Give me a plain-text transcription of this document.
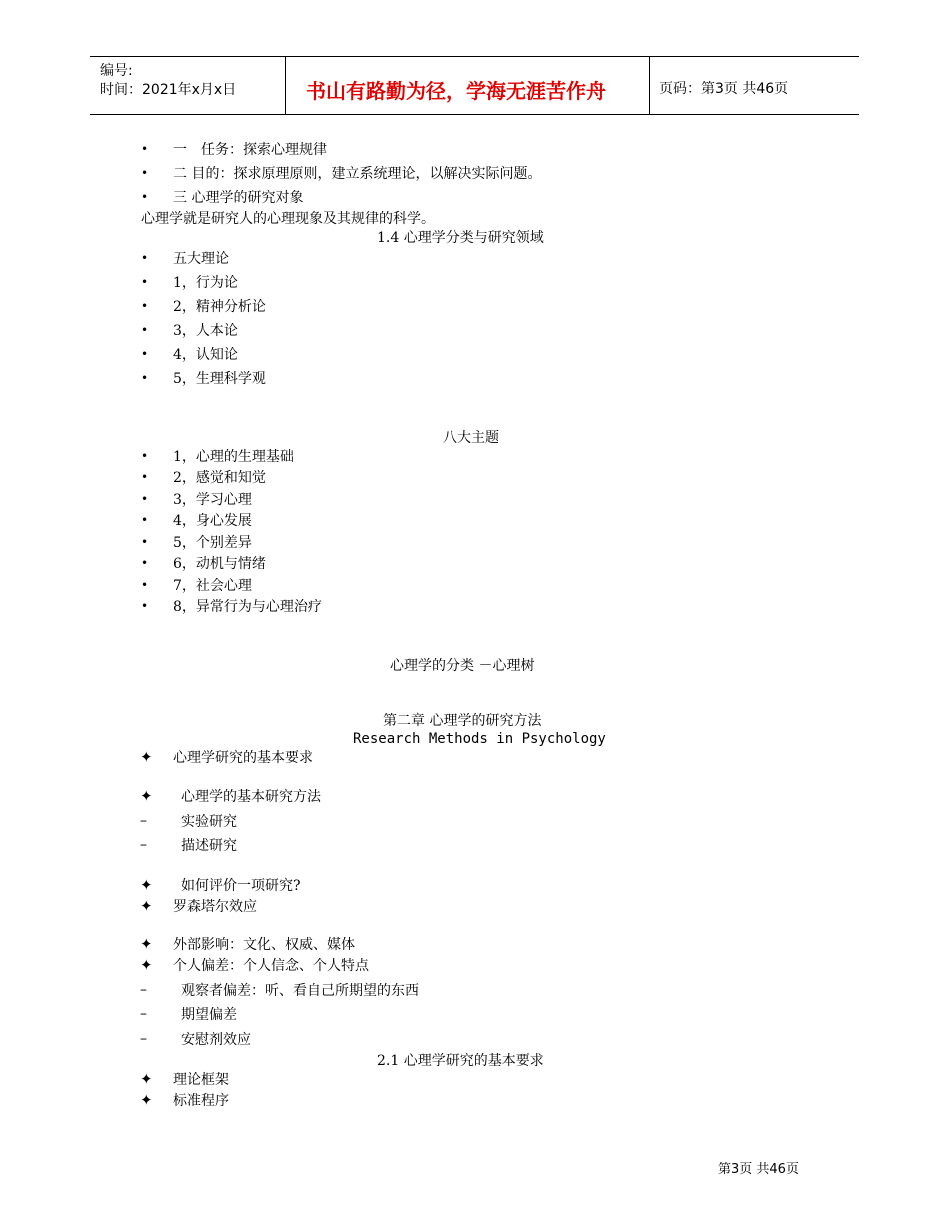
编号:
时间：2021年x月x日	书山有路勤为径，学海无涯苦作舟	页码：第3页 共46页
• 一　任务：探索心理规律
• 二 目的：探求原理原则，建立系统理论，以解决实际问题。
• 三 心理学的研究对象
心理学就是研究人的心理现象及其规律的科学。
1.4 心理学分类与研究领域
• 五大理论
• 1，行为论
• 2，精神分析论
• 3，人本论
• 4，认知论
• 5，生理科学观
八大主题
• 1，心理的生理基础
• 2，感觉和知觉
• 3，学习心理
• 4，身心发展
• 5，个别差异
• 6，动机与情绪
• 7，社会心理
• 8，异常行为与心理治疗
心理学的分类 －心理树
第二章 心理学的研究方法
Research Methods in Psychology
✦ 心理学研究的基本要求
✦ 心理学的基本研究方法
– 实验研究
– 描述研究
✦ 如何评价一项研究?
✦ 罗森塔尔效应
✦ 外部影响：文化、权威、媒体
✦ 个人偏差：个人信念、个人特点
– 观察者偏差：听、看自己所期望的东西
– 期望偏差
– 安慰剂效应
2.1 心理学研究的基本要求
✦ 理论框架
✦ 标准程序
第3页 共46页
